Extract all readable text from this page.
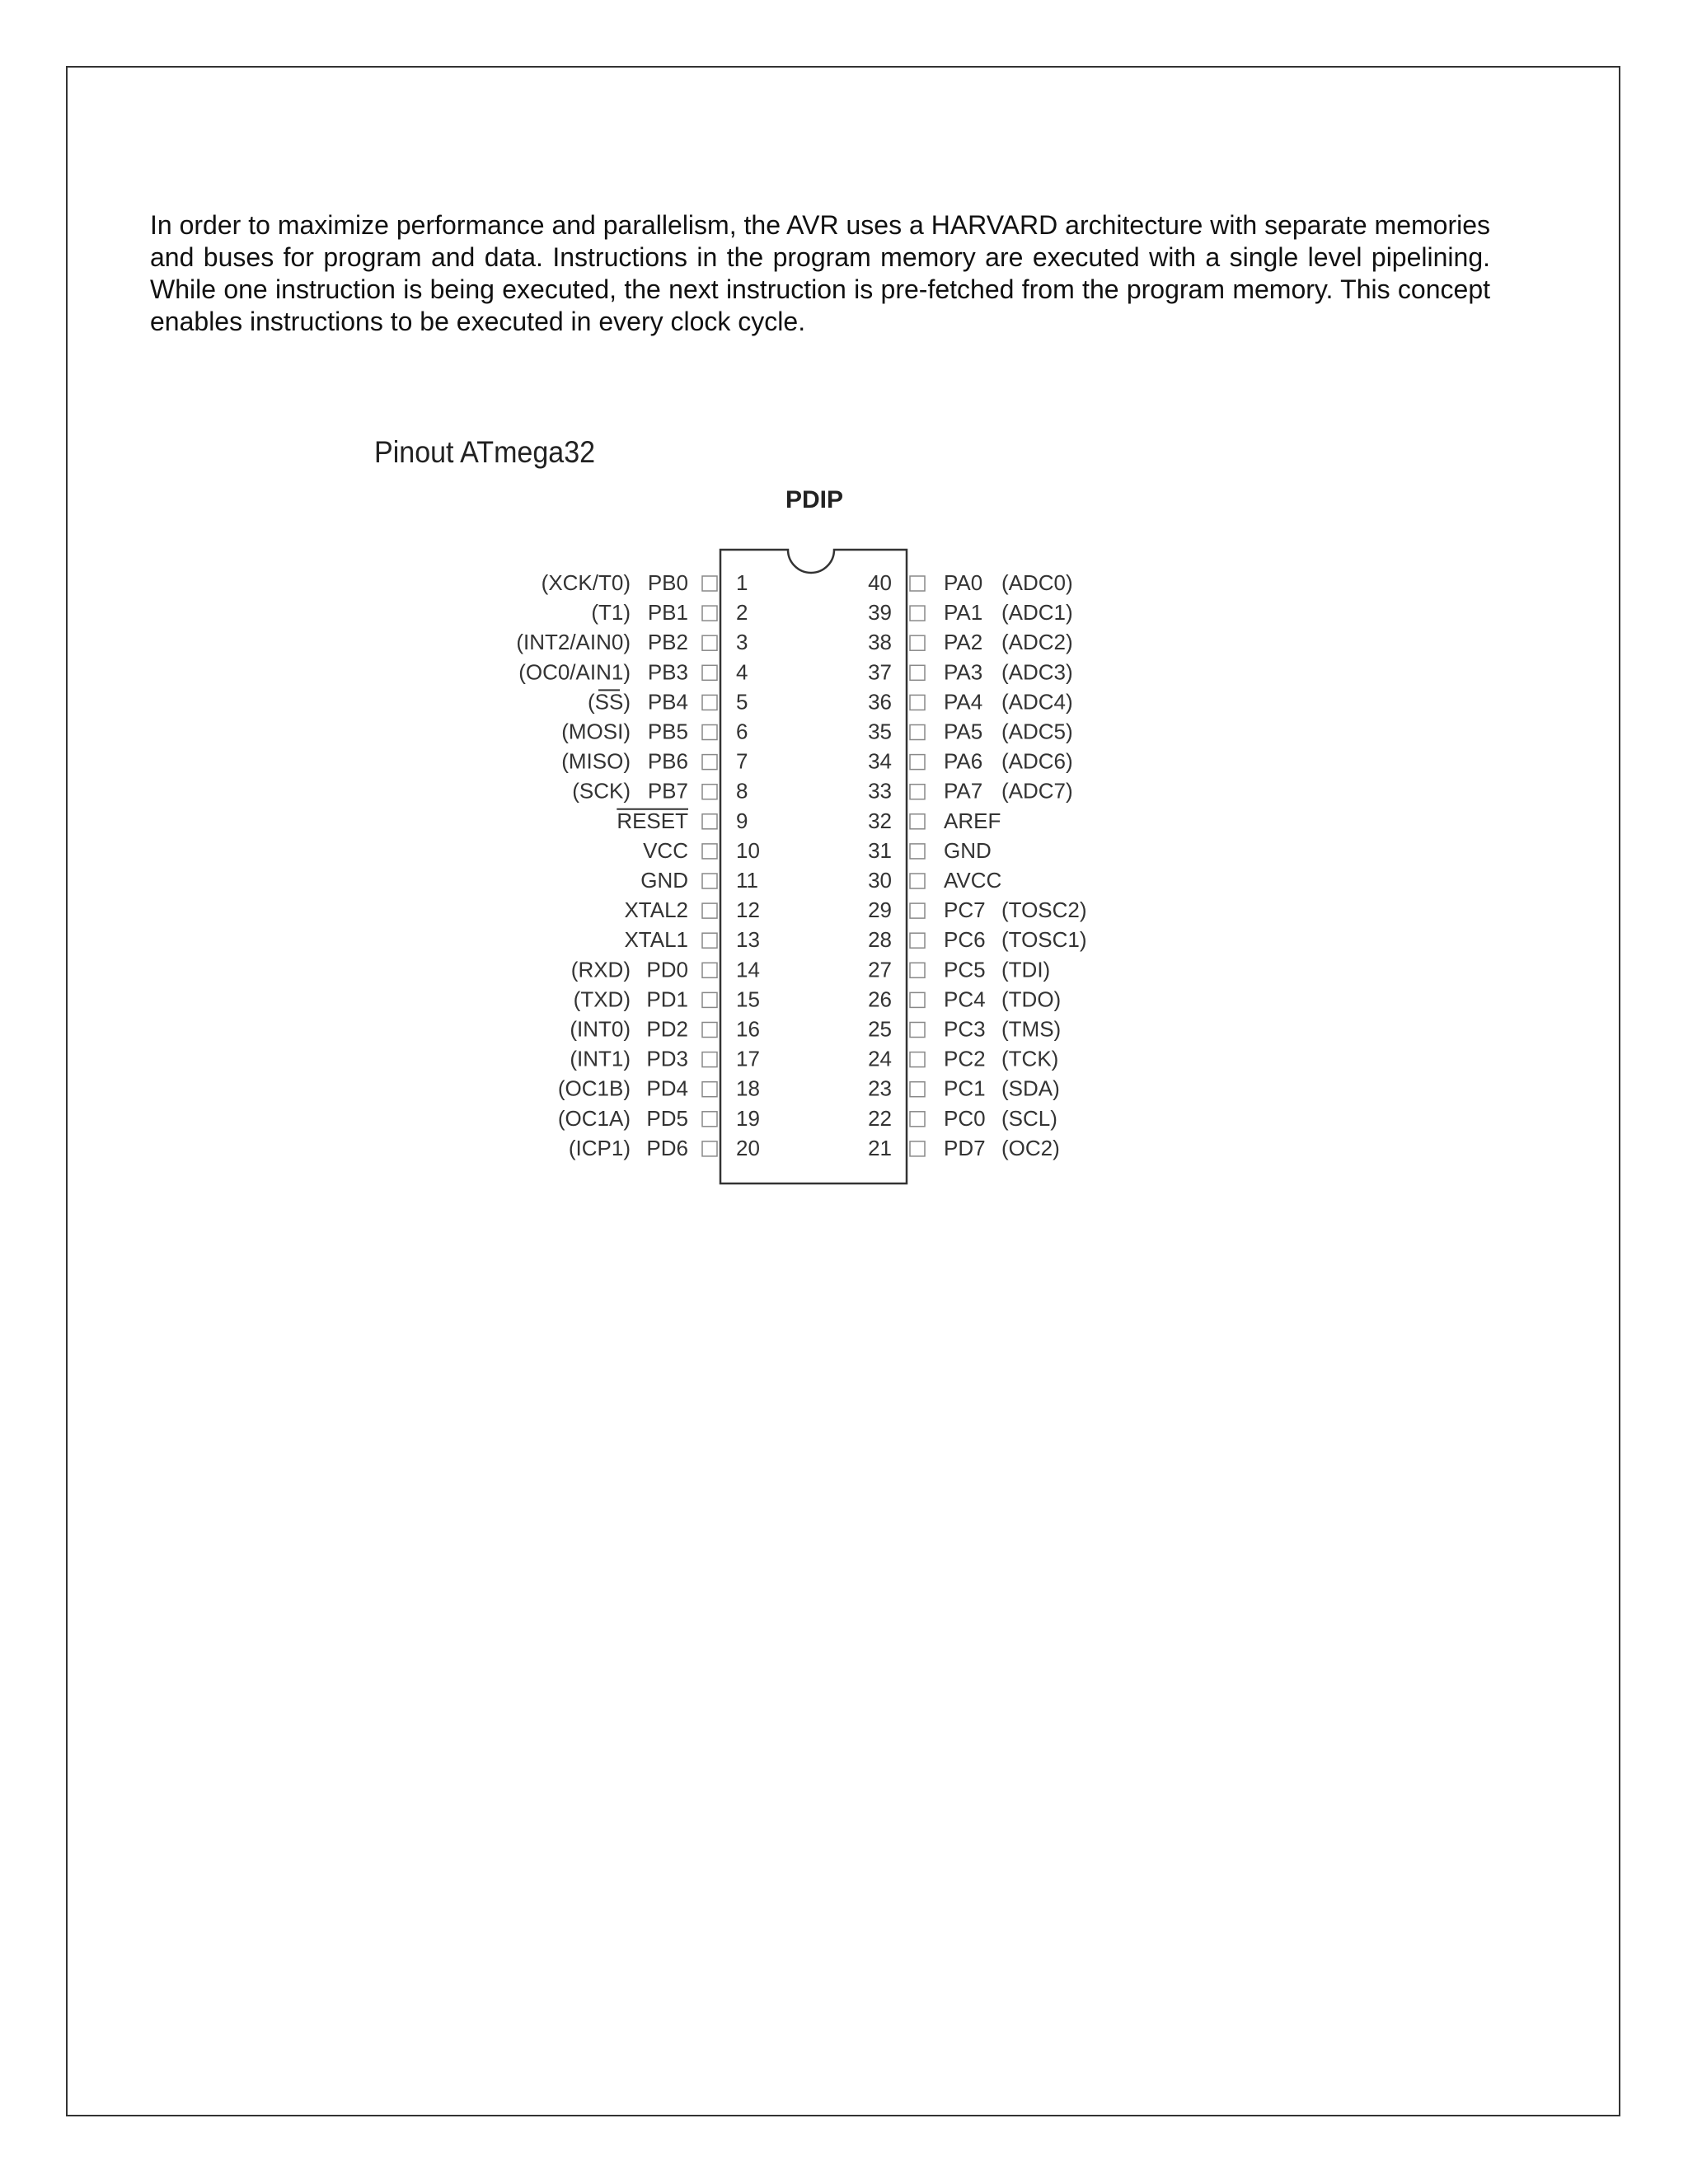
In order to maximize performance and parallelism, the AVR uses a HARVARD architecture with separate memories and buses for program and data. Instructions in the program memory are executed with a single level pipelining. While one instruction is being executed, the next instruction is pre-fetched from the program memory. This concept enables instructions to be executed in every clock cycle.

Pinout ATmega32
PDIP
1
PB0
(XCK/T0)
2
PB1
(T1)
3
PB2
(INT2/AIN0)
4
PB3
(OC0/AIN1)
5
PB4
(SS)
6
PB5
(MOSI)
7
PB6
(MISO)
8
PB7
(SCK)
9
RESET
10
VCC
11
GND
12
XTAL2
13
XTAL1
14
PD0
(RXD)
15
PD1
(TXD)
16
PD2
(INT0)
17
PD3
(INT1)
18
PD4
(OC1B)
19
PD5
(OC1A)
20
PD6
(ICP1)
40 PA0 (ADC0)
39 PA1 (ADC1)
38 PA2 (ADC2)
37 PA3 (ADC3)
36 PA4 (ADC4)
35 PA5 (ADC5)
34 PA6 (ADC6)
33 PA7 (ADC7)
32 AREF
31 GND
30 AVCC
29 PC7 (TOSC2)
28 PC6 (TOSC1)
27 PC5 (TDI)
26 PC4 (TDO)
25 PC3 (TMS)
24 PC2 (TCK)
23 PC1 (SDA)
22 PC0 (SCL)
21 PD7 (OC2)
